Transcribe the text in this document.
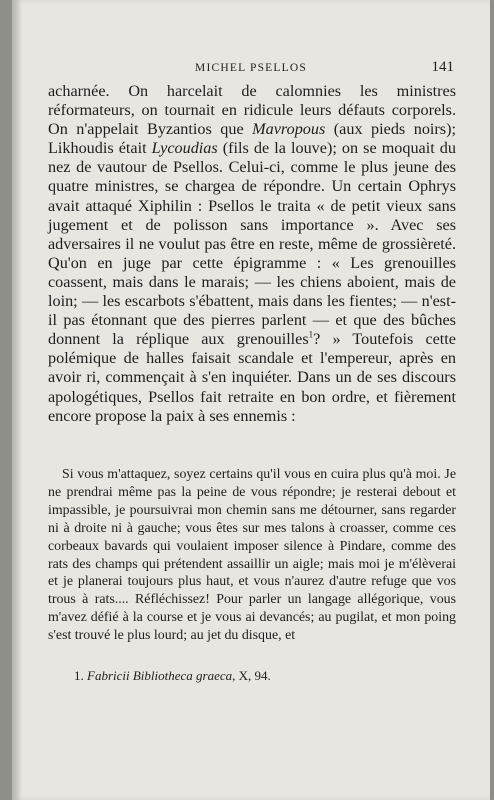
MICHEL PSELLOS	141

acharnée. On harcelait de calomnies les ministres réformateurs, on tournait en ridicule leurs défauts corporels. On n'appelait Byzantios que Mavropous (aux pieds noirs); Likhoudis était Lycoudias (fils de la louve); on se moquait du nez de vautour de Psellos. Celui-ci, comme le plus jeune des quatre ministres, se chargea de répondre. Un certain Ophrys avait attaqué Xiphilin : Psellos le traita « de petit vieux sans jugement et de polisson sans importance ». Avec ses adversaires il ne voulut pas être en reste, même de grossièreté. Qu'on en juge par cette épigramme : « Les grenouilles coassent, mais dans le marais; — les chiens aboient, mais de loin; — les escarbots s'ébattent, mais dans les fientes; — n'est-il pas étonnant que des pierres parlent — et que des bûches donnent la réplique aux grenouilles$^1$? » Toutefois cette polémique de halles faisait scandale et l'empereur, après en avoir ri, commençait à s'en inquiéter. Dans un de ses discours apologétiques, Psellos fait retraite en bon ordre, et fièrement encore propose la paix à ses ennemis :

Si vous m'attaquez, soyez certains qu'il vous en cuira plus qu'à moi. Je ne prendrai même pas la peine de vous répondre; je resterai debout et impassible, je poursuivrai mon chemin sans me détourner, sans regarder ni à droite ni à gauche; vous êtes sur mes talons à croasser, comme ces corbeaux bavards qui voulaient imposer silence à Pindare, comme des rats des champs qui prétendent assaillir un aigle; mais moi je m'élèverai et je planerai toujours plus haut, et vous n'aurez d'autre refuge que vos trous à rats.... Réfléchissez! Pour parler un langage allégorique, vous m'avez défié à la course et je vous ai devancés; au pugilat, et mon poing s'est trouvé le plus lourd; au jet du disque, et

1. Fabricii Bibliotheca graeca, X, 94.
